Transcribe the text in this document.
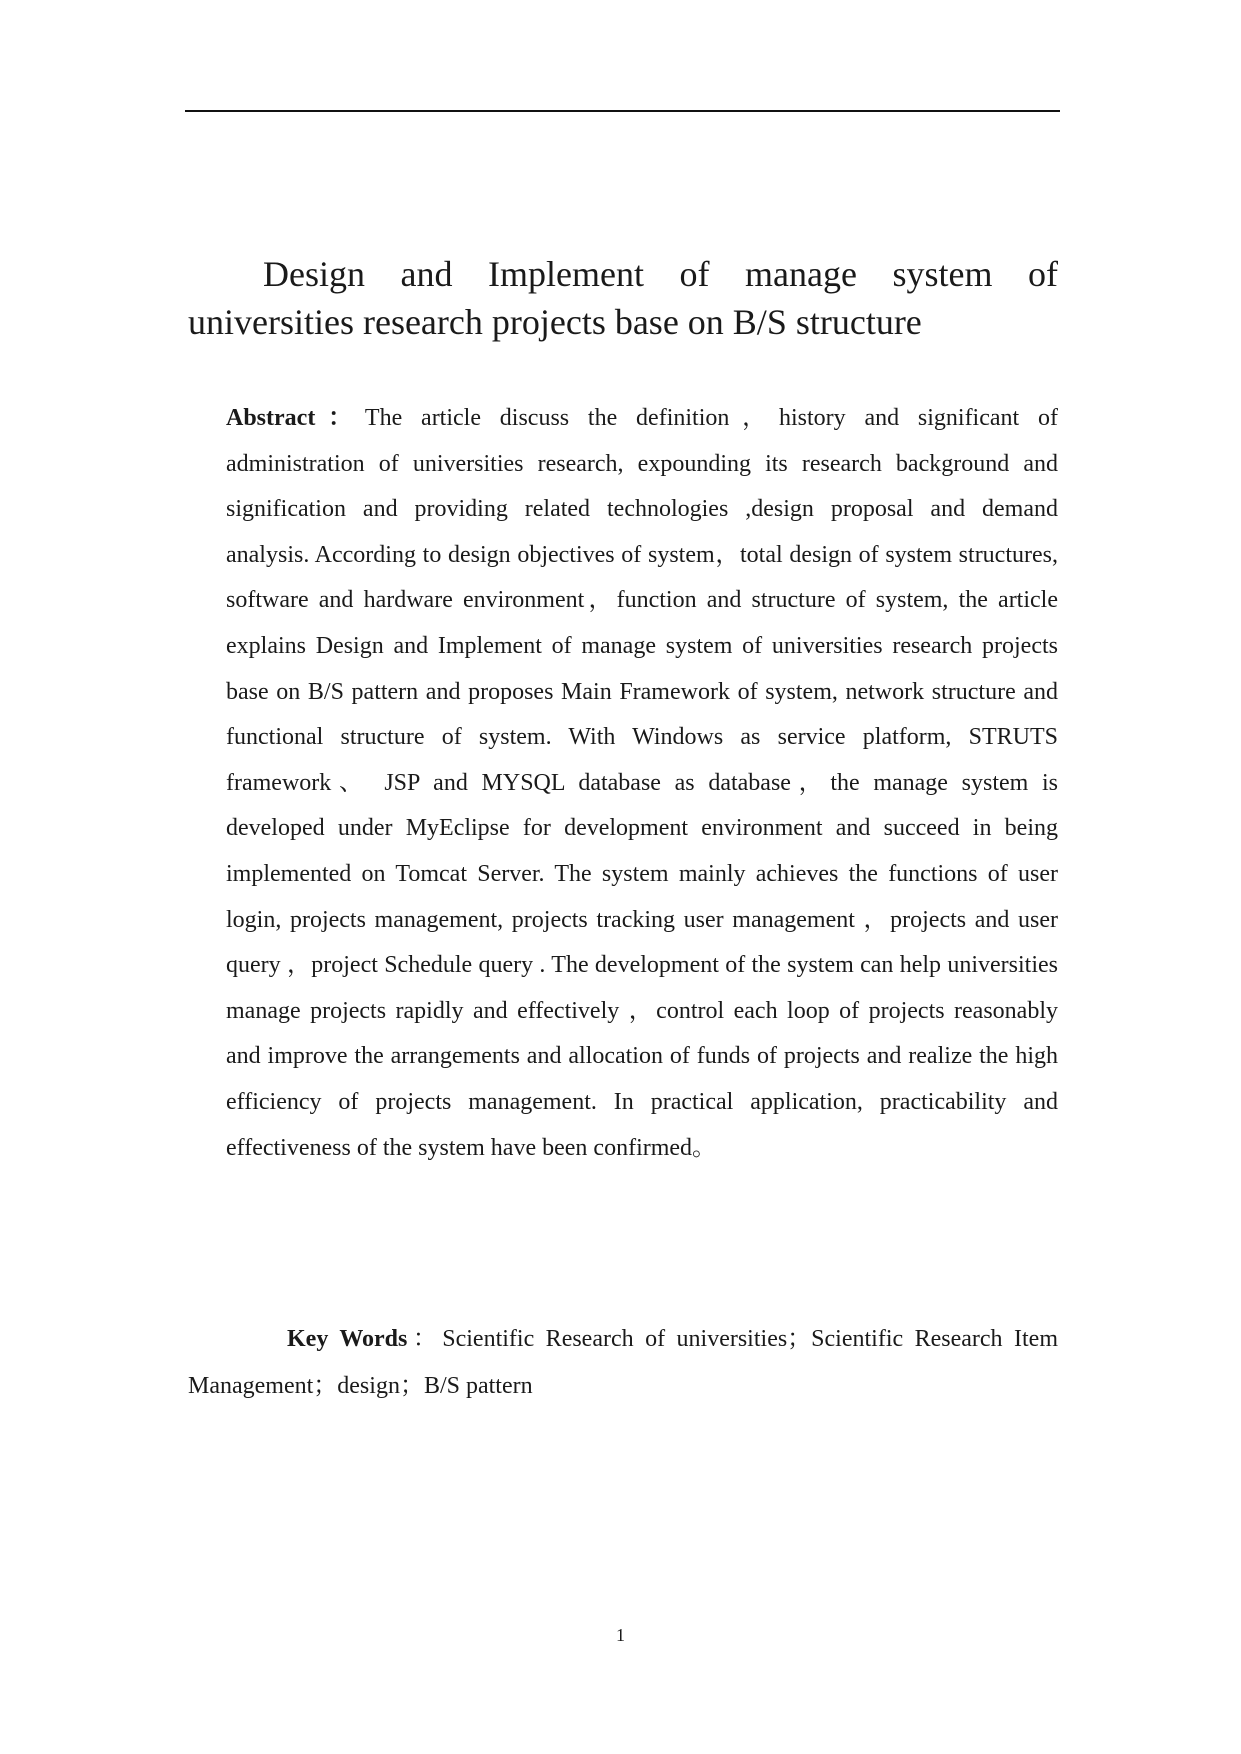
Design and Implement of manage system of universities research projects base on B/S structure

Abstract：The article discuss the definition，history and significant of administration of universities research, expounding its research background and signification and providing related technologies ,design proposal and demand analysis. According to design objectives of system，total design of system structures, software and hardware environment，function and structure of system, the article explains Design and Implement of manage system of universities research projects base on B/S pattern and proposes Main Framework of system, network structure and functional structure of system. With Windows as service platform, STRUTS framework、 JSP and MYSQL database as database，the manage system is developed under MyEclipse for development environment and succeed in being implemented on Tomcat Server. The system mainly achieves the functions of user login, projects management, projects tracking user management ，projects and user query ，project Schedule query . The development of the system can help universities manage projects rapidly and effectively ，control each loop of projects reasonably and improve the arrangements and allocation of funds of projects and realize the high efficiency of projects management. In practical application, practicability and effectiveness of the system have been confirmed。

Key Words：Scientific Research of universities；Scientific Research Item Management；design；B/S pattern

1
